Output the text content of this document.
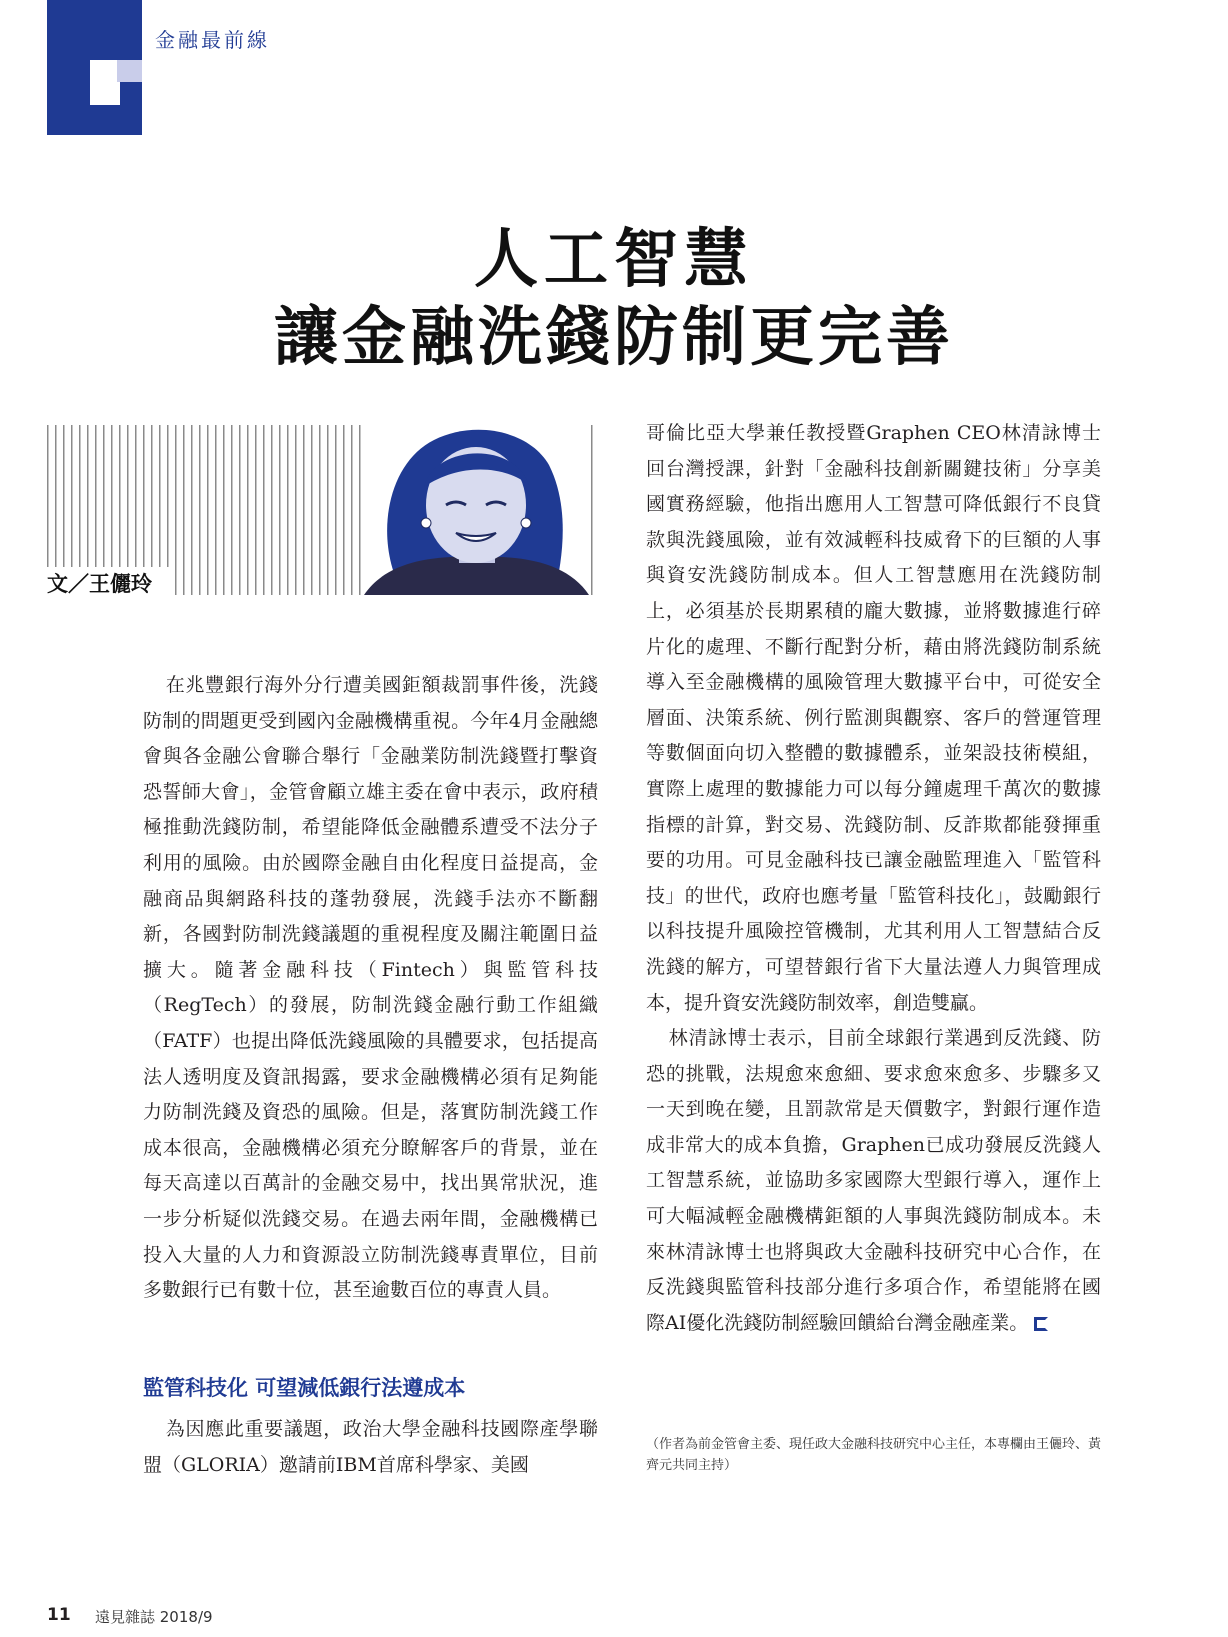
金融最前線
人工智慧
讓金融洗錢防制更完善
文／王儷玲

在兆豐銀行海外分行遭美國鉅額裁罰事件後，洗錢防制的問題更受到國內金融機構重視。今年4月金融總會與各金融公會聯合舉行「金融業防制洗錢暨打擊資恐誓師大會」，金管會顧立雄主委在會中表示，政府積極推動洗錢防制，希望能降低金融體系遭受不法分子利用的風險。由於國際金融自由化程度日益提高，金融商品與網路科技的蓬勃發展，洗錢手法亦不斷翻新，各國對防制洗錢議題的重視程度及關注範圍日益擴大。隨著金融科技（Fintech）與監管科技（RegTech）的發展，防制洗錢金融行動工作組織（FATF）也提出降低洗錢風險的具體要求，包括提高法人透明度及資訊揭露，要求金融機構必須有足夠能力防制洗錢及資恐的風險。但是，落實防制洗錢工作成本很高，金融機構必須充分瞭解客戶的背景，並在每天高達以百萬計的金融交易中，找出異常狀況，進一步分析疑似洗錢交易。在過去兩年間，金融機構已投入大量的人力和資源設立防制洗錢專責單位，目前多數銀行已有數十位，甚至逾數百位的專責人員。

監管科技化 可望減低銀行法遵成本

為因應此重要議題，政治大學金融科技國際產學聯盟（GLORIA）邀請前IBM首席科學家、美國

哥倫比亞大學兼任教授暨Graphen CEO林清詠博士回台灣授課，針對「金融科技創新關鍵技術」分享美國實務經驗，他指出應用人工智慧可降低銀行不良貸款與洗錢風險，並有效減輕科技威脅下的巨額的人事與資安洗錢防制成本。但人工智慧應用在洗錢防制上，必須基於長期累積的龐大數據，並將數據進行碎片化的處理、不斷行配對分析，藉由將洗錢防制系統導入至金融機構的風險管理大數據平台中，可從安全層面、決策系統、例行監測與觀察、客戶的營運管理等數個面向切入整體的數據體系，並架設技術模組，實際上處理的數據能力可以每分鐘處理千萬次的數據指標的計算，對交易、洗錢防制、反詐欺都能發揮重要的功用。可見金融科技已讓金融監理進入「監管科技」的世代，政府也應考量「監管科技化」，鼓勵銀行以科技提升風險控管機制，尤其利用人工智慧結合反洗錢的解方，可望替銀行省下大量法遵人力與管理成本，提升資安洗錢防制效率，創造雙贏。

林清詠博士表示，目前全球銀行業遇到反洗錢、防恐的挑戰，法規愈來愈細、要求愈來愈多、步驟多又一天到晚在變，且罰款常是天價數字，對銀行運作造成非常大的成本負擔，Graphen已成功發展反洗錢人工智慧系統，並協助多家國際大型銀行導入，運作上可大幅減輕金融機構鉅額的人事與洗錢防制成本。未來林清詠博士也將與政大金融科技研究中心合作，在反洗錢與監管科技部分進行多項合作，希望能將在國際AI優化洗錢防制經驗回饋給台灣金融產業。

（作者為前金管會主委、現任政大金融科技研究中心主任，本專欄由王儷玲、黃齊元共同主持）
11 遠見雜誌 2018/9
